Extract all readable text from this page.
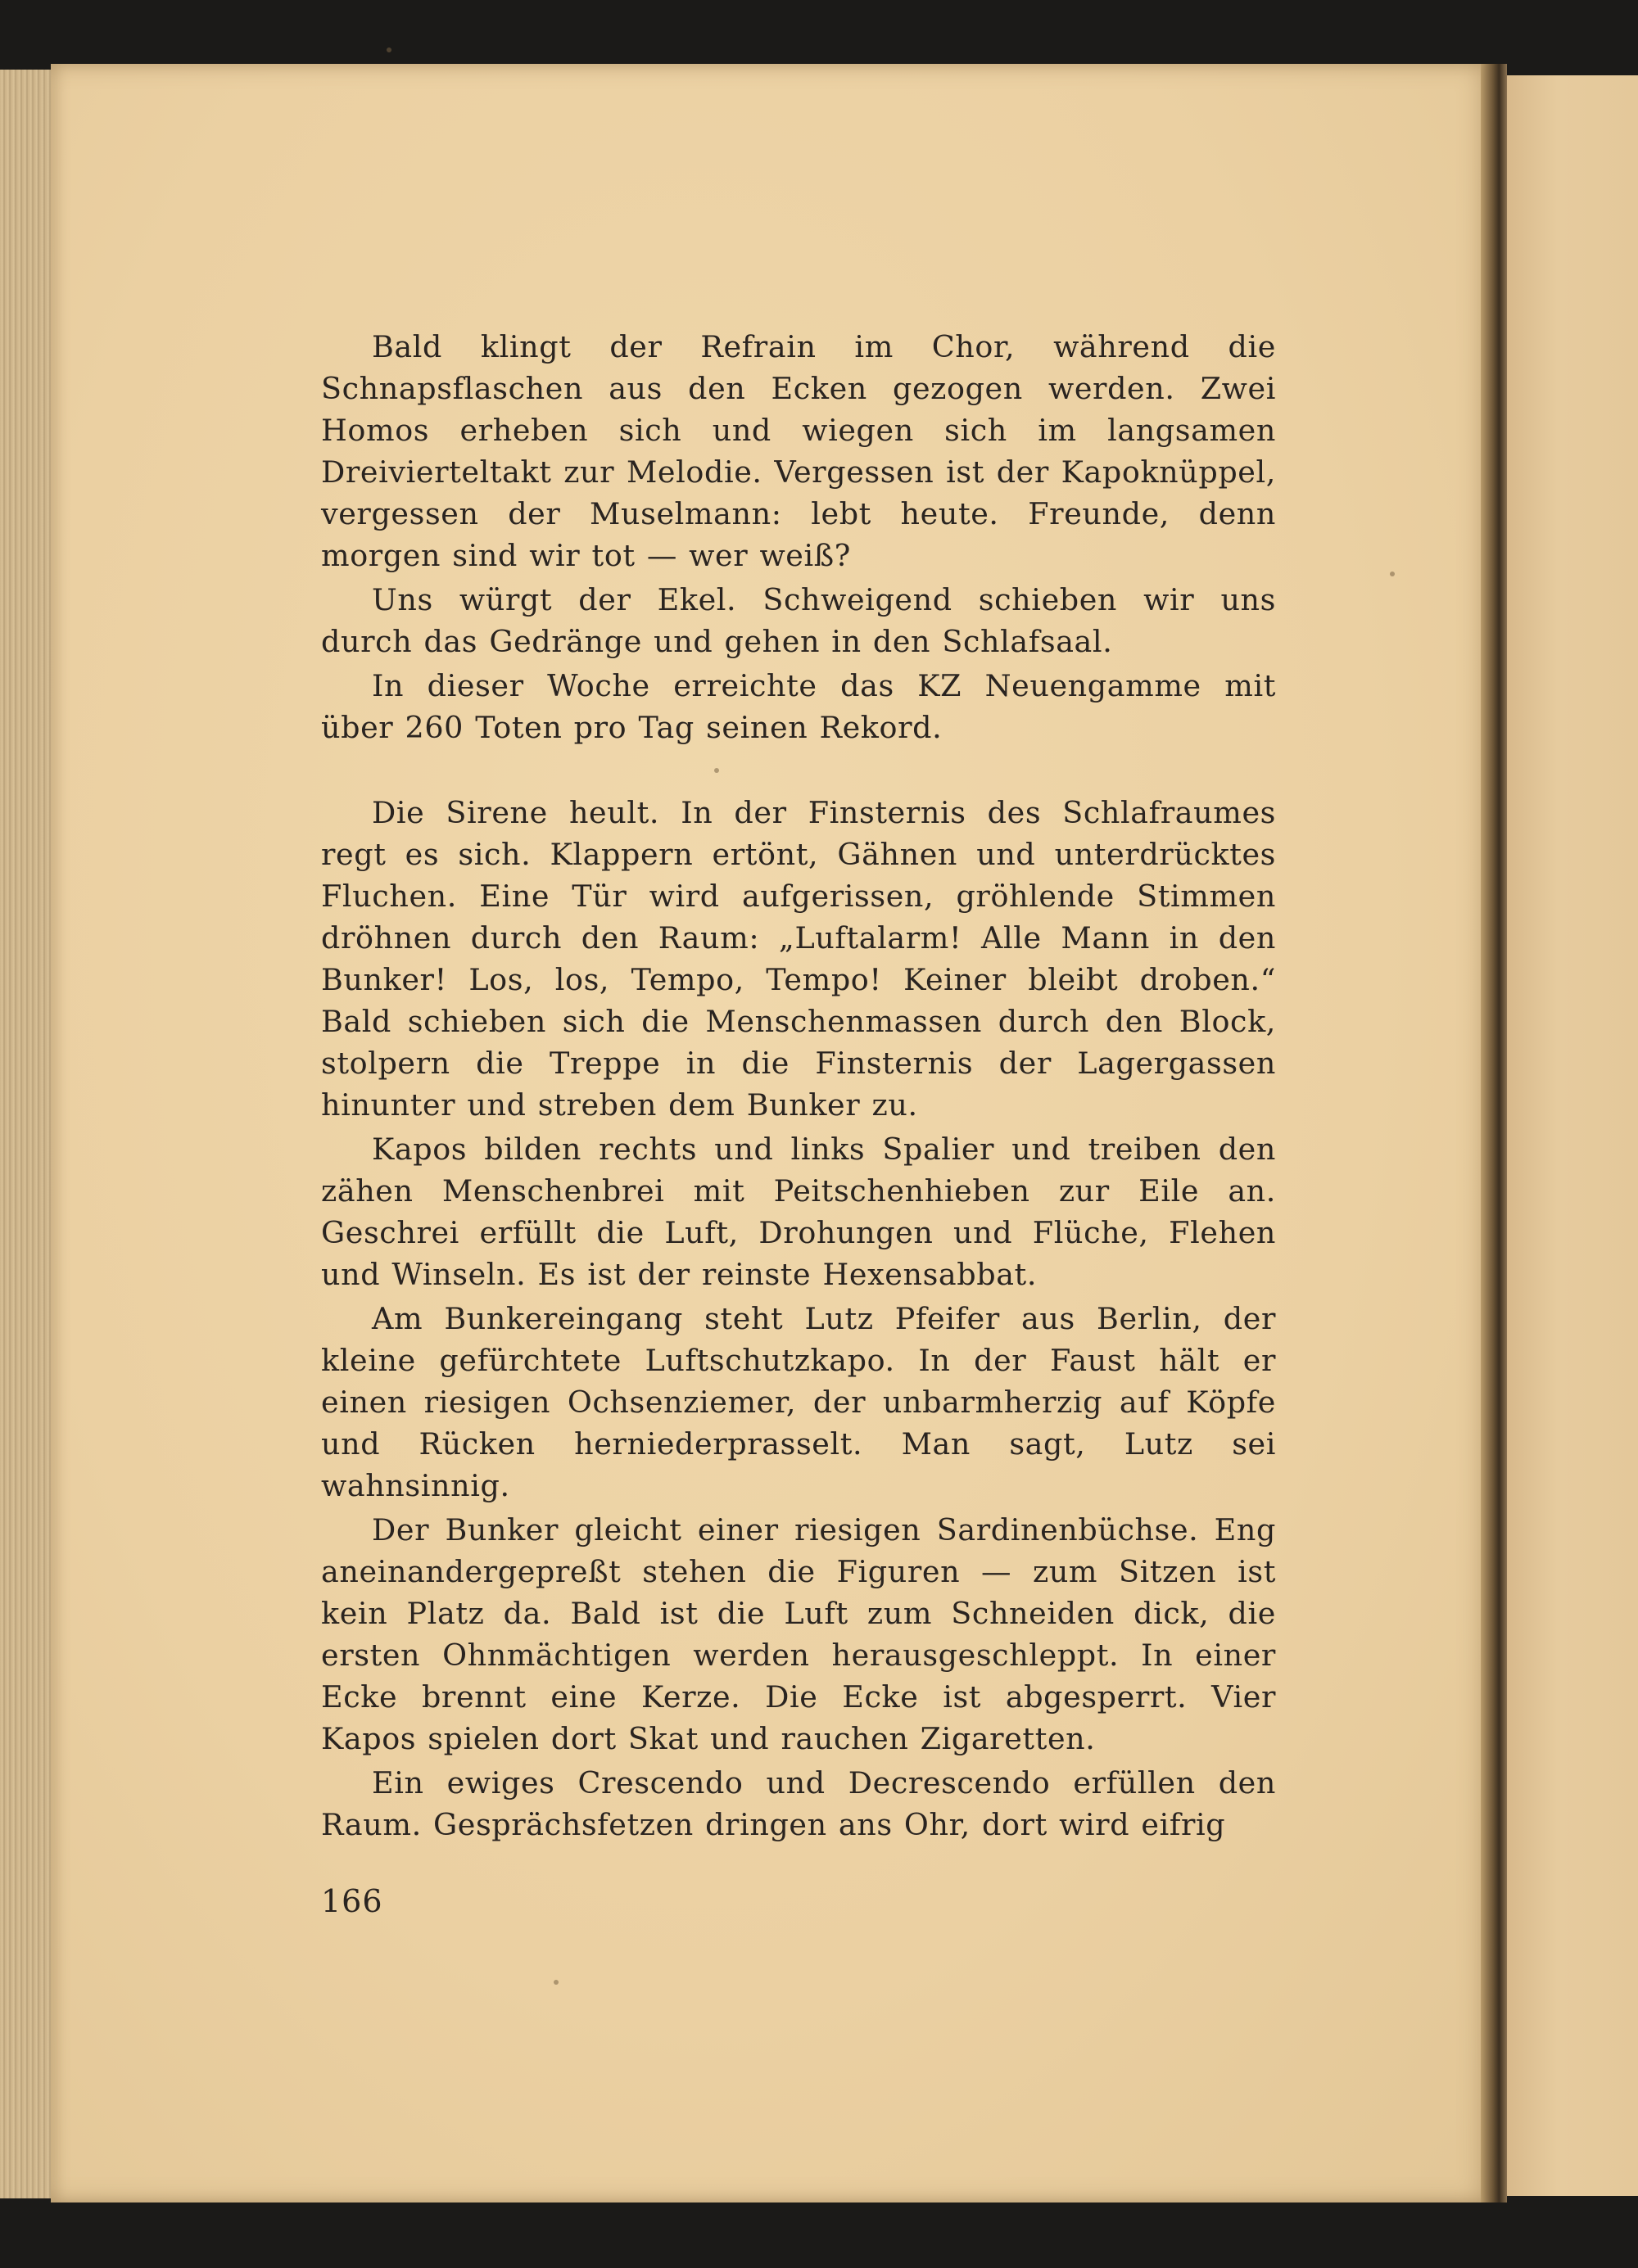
Bald klingt der Refrain im Chor, während die Schnapsflaschen aus den Ecken gezogen werden. Zwei Homos erheben sich und wiegen sich im langsamen Dreivierteltakt zur Melodie. Vergessen ist der Kapoknüppel, vergessen der Muselmann: lebt heute. Freunde, denn morgen sind wir tot — wer weiß?

Uns würgt der Ekel. Schweigend schieben wir uns durch das Gedränge und gehen in den Schlafsaal.

In dieser Woche erreichte das KZ Neuengamme mit über 260 Toten pro Tag seinen Rekord.

Die Sirene heult. In der Finsternis des Schlafraumes regt es sich. Klappern ertönt, Gähnen und unterdrücktes Fluchen. Eine Tür wird aufgerissen, gröhlende Stimmen dröhnen durch den Raum: „Luftalarm! Alle Mann in den Bunker! Los, los, Tempo, Tempo! Keiner bleibt droben.“ Bald schieben sich die Menschenmassen durch den Block, stolpern die Treppe in die Finsternis der Lagergassen hinunter und streben dem Bunker zu.

Kapos bilden rechts und links Spalier und treiben den zähen Menschenbrei mit Peitschenhieben zur Eile an. Geschrei erfüllt die Luft, Drohungen und Flüche, Flehen und Winseln. Es ist der reinste Hexensabbat.

Am Bunkereingang steht Lutz Pfeifer aus Berlin, der kleine gefürchtete Luftschutzkapo. In der Faust hält er einen riesigen Ochsenziemer, der unbarmherzig auf Köpfe und Rücken herniederprasselt. Man sagt, Lutz sei wahnsinnig.

Der Bunker gleicht einer riesigen Sardinenbüchse. Eng aneinandergepreßt stehen die Figuren — zum Sitzen ist kein Platz da. Bald ist die Luft zum Schneiden dick, die ersten Ohnmächtigen werden herausgeschleppt. In einer Ecke brennt eine Kerze. Die Ecke ist abgesperrt. Vier Kapos spielen dort Skat und rauchen Zigaretten.

Ein ewiges Crescendo und Decrescendo erfüllen den Raum. Gesprächsfetzen dringen ans Ohr, dort wird eifrig

166
